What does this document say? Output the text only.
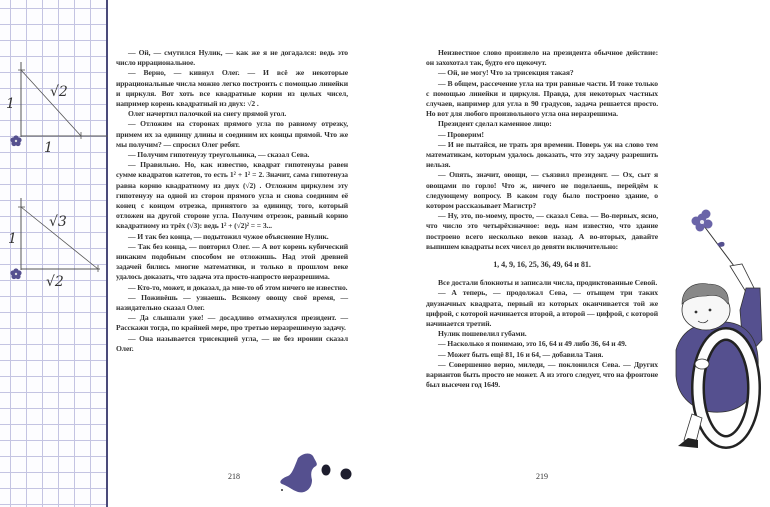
1
1
√2
1
√2
√3

— Ой, — смутился Нулик, — как же я не догадался: ведь это число иррациональное.

— Верно, — кивнул Олег. — И всё же некоторые иррациональные числа можно легко построить с помощью линейки и циркуля. Вот хоть все квадратные корни из целых чисел, например корень квадратный из двух: √2 .

Олег начертил палочкой на снегу прямой угол.

— Отложим на сторонах прямого угла по равному отрезку, примем их за единицу длины и соединим их концы прямой. Что же мы получим? — спросил Олег ребят.

— Получим гипотенузу треугольника, — сказал Сева.

— Правильно. Но, как известно, квадрат гипотенузы равен сумме квадратов катетов, то есть 1² + 1² = 2. Значит, сама гипотенуза равна корню квадратному из двух (√2) . Отложим циркулем эту гипотенузу на одной из сторон прямого угла и снова соединим её конец с концом отрезка, принятого за единицу, того, который отложен на другой стороне угла. Получим отрезок, равный корню квадратному из трёх (√3): ведь 1² + (√2)² = = 3...

— И так без конца, — подытожил чужое объяснение Нулик.

— Так без конца, — повторил Олег. — А вот корень кубический никаким подобным способом не отложишь. Над этой древней задачей бились многие математики, и только в прошлом веке удалось доказать, что задача эта просто-напросто неразрешима.

— Кто-то, может, и доказал, да мне-то об этом ничего не известно.

— Поживёшь — узнаешь. Всякому овощу своё время, — назидательно сказал Олег.

— Да слышали уже! — досадливо отмахнулся президент. — Расскажи тогда, по крайней мере, про третью неразрешимую задачу.

— Она называется трисекцией угла, — не без иронии сказал Олег.

218

Неизвестное слово произвело на президента обычное действие: он захохотал так, будто его щекочут.

— Ой, не могу! Что за трисекция такая?

— В общем, рассечение угла на три равные части. И тоже только с помощью линейки и циркуля. Правда, для некоторых частных случаев, например для угла в 90 градусов, задача решается просто. Но вот для любого произвольного угла она неразрешима.

Президент сделал каменное лицо:

— Проверим!

— И не пытайся, не трать зря времени. Поверь уж на слово тем математикам, которым удалось доказать, что эту задачу разрешить нельзя.

— Опять, значит, овощи, — съязвил президент. — Ох, сыт я овощами по горло! Что ж, ничего не поделаешь, перейдём к следующему вопросу. В каком году было построено здание, о котором рассказывает Магистр?

— Ну, это, по-моему, просто, — сказал Сева. — Во-первых, ясно, что число это четырёхзначное: ведь нам известно, что здание построено всего несколько веков назад. А во-вторых, давайте выпишем квадраты всех чисел до девяти включительно:

1, 4, 9, 16, 25, 36, 49, 64 и 81.

Все достали блокноты и записали числа, продиктованные Севой.

— А теперь, — продолжал Сева, — отыщем три таких двузначных квадрата, первый из которых оканчивается той же цифрой, с которой начинается второй, а второй — цифрой, с которой начинается третий.

Нулик пошевелил губами.

— Насколько я понимаю, это 16, 64 и 49 либо 36, 64 и 49.

— Может быть ещё 81, 16 и 64, — добавила Таня.

— Совершенно верно, миледи, — поклонился Сева. — Других вариантов быть просто не может. А из этого следует, что на фронтоне был высечен год 1649.

219
